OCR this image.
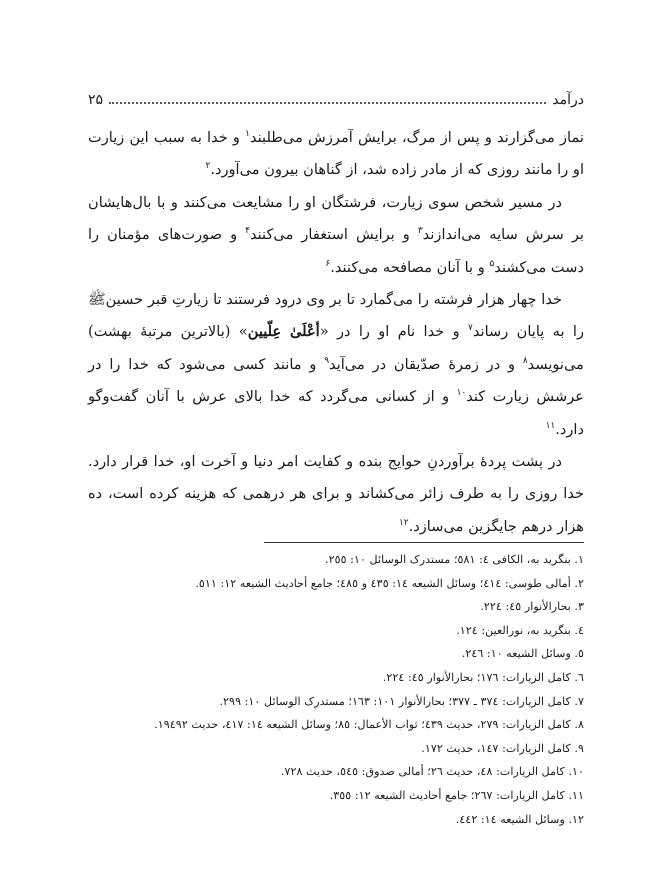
درآمد
۲۵

نماز می‌گزارند و پس از مرگ، برایش آمرزش می‌طلبند$^۱$ و خدا به سبب این زیارت او را مانند روزی که از مادر زاده شد، از گناهان بیرون می‌آورد.$^۲$

در مسیر شخص سوی زیارت، فرشتگان او را مشایعت می‌کنند و با بال‌هایشان بر سرش سایه می‌اندازند$^۳$ و برایش استغفار می‌کنند$^۴$ و صورت‌های مؤمنان را دست می‌کشند$^۵$ و با آنان مصافحه می‌کنند.$^۶$

خدا چهار هزار فرشته را می‌گمارد تا بر وی درود فرستند تا زیارتِ قبر حسینﷺ را به پایان رساند$^۷$ و خدا نام او را در «أعْلَىٰ عِلّيين» (بالاترین مرتبهٔ بهشت) می‌نویسد$^۸$ و در زمرهٔ صدّیقان در می‌آید$^۹$ و مانند کسی می‌شود که خدا را در عرشش زیارت کند$^{۱۰}$ و از کسانی می‌گردد که خدا بالای عرش با آنان گفت‌وگو دارد.$^{۱۱}$

در پشت پردهٔ برآوردنِ حوایج بنده و کفایت امر دنیا و آخرت او، خدا قرار دارد. خدا روزی را به طرف زائر می‌کشاند و برای هر درهمی که هزینه کرده است، ده هزار درهم جایگزین می‌سازد.$^{۱۲}$

۱. بنگرید به، الکافی ٤: ٥٨١؛ مستدرک الوسائل ١٠: ٢٥٥.
۲. أمالی طوسی: ٤١٤؛ وسائل الشیعه ١٤: ٤٣٥ و ٤٨٥؛ جامع أحادیث الشیعه ١٢: ٥١١.
۳. بحارالأنوار ٤٥: ٢٢٤.
٤. بنگرید به، نورالعین: ١٢٤.
٥. وسائل الشیعه ١٠: ٢٤٦.
٦. کامل الزیارات: ١٧٦؛ بحارالأنوار ٤٥: ٢٢٤.
٧. کامل الزیارات: ٣٧٤ ـ ٣٧٧؛ بحارالأنوار ١٠١: ١٦٣؛ مستدرک الوسائل ١٠: ٢٩٩.
٨. کامل الزیارات: ٢٧٩، حدیث ٤٣٩؛ ثواب الأعمال: ٨٥؛ وسائل الشیعه ١٤: ٤١٧، حدیث ١٩٤٩٢.
٩. کامل الزیارات: ١٤٧، حدیث ١٧٢.
١٠. کامل الزیارات: ٤٨، حدیث ٢٦؛ أمالی صدوق: ٥٤٥، حدیث ٧٢٨.
١١. کامل الزیارات: ٢٦٧؛ جامع أحادیث الشیعه ١٢: ٣٥٥.
١٢. وسائل الشیعه ١٤: ٤٤٢.
